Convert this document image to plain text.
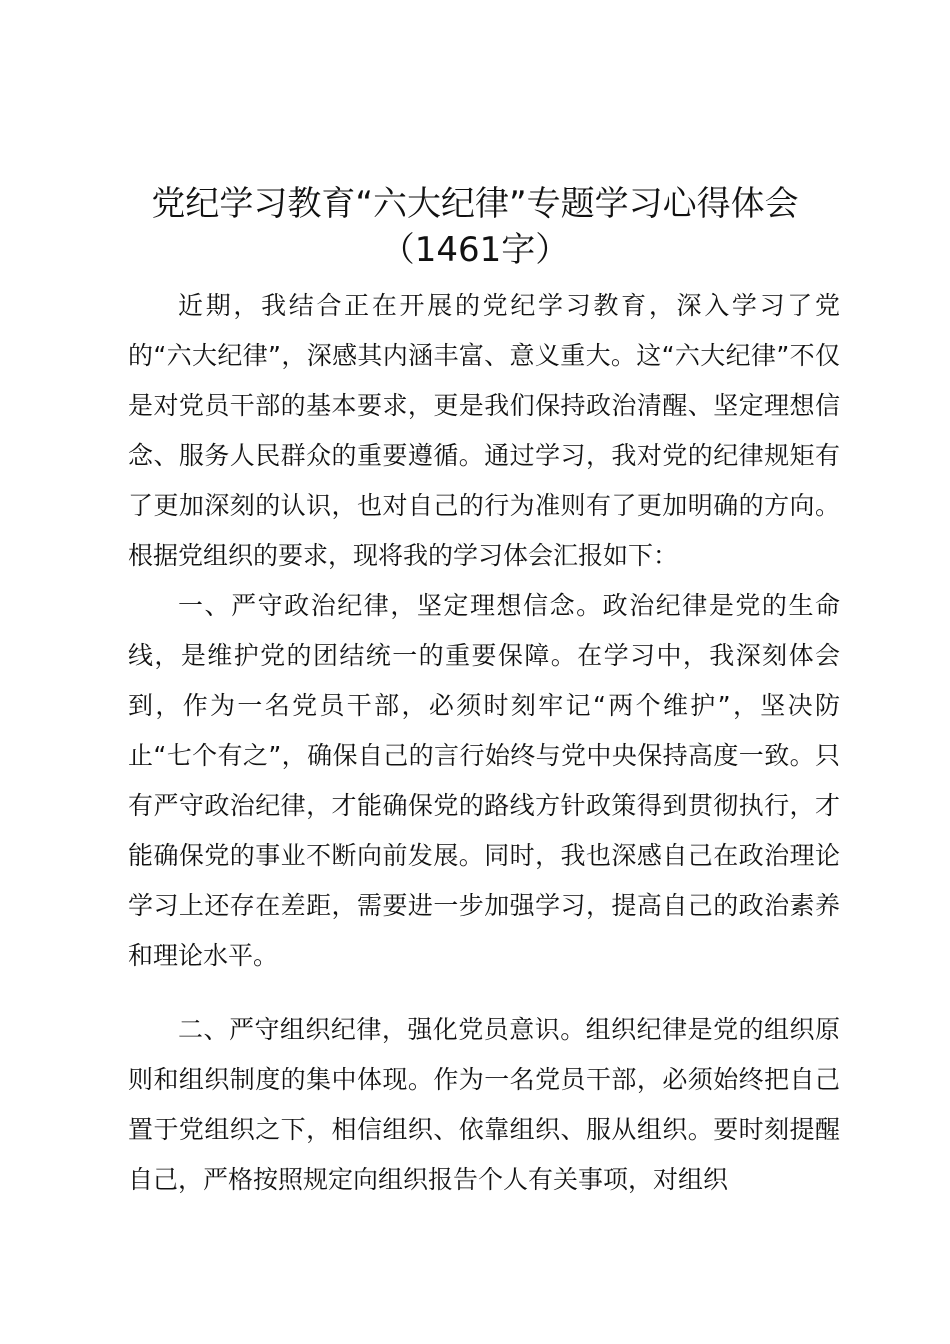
党纪学习教育“六大纪律”专题学习心得体会
（1461字）

近期，我结合正在开展的党纪学习教育，深入学习了党的“六大纪律”，深感其内涵丰富、意义重大。这“六大纪律”不仅是对党员干部的基本要求，更是我们保持政治清醒、坚定理想信念、服务人民群众的重要遵循。通过学习，我对党的纪律规矩有了更加深刻的认识，也对自己的行为准则有了更加明确的方向。根据党组织的要求，现将我的学习体会汇报如下：

一、严守政治纪律，坚定理想信念。政治纪律是党的生命线，是维护党的团结统一的重要保障。在学习中，我深刻体会到，作为一名党员干部，必须时刻牢记“两个维护”，坚决防止“七个有之”，确保自己的言行始终与党中央保持高度一致。只有严守政治纪律，才能确保党的路线方针政策得到贯彻执行，才能确保党的事业不断向前发展。同时，我也深感自己在政治理论学习上还存在差距，需要进一步加强学习，提高自己的政治素养和理论水平。

二、严守组织纪律，强化党员意识。组织纪律是党的组织原则和组织制度的集中体现。作为一名党员干部，必须始终把自己置于党组织之下，相信组织、依靠组织、服从组织。要时刻提醒自己，严格按照规定向组织报告个人有关事项，对组织
